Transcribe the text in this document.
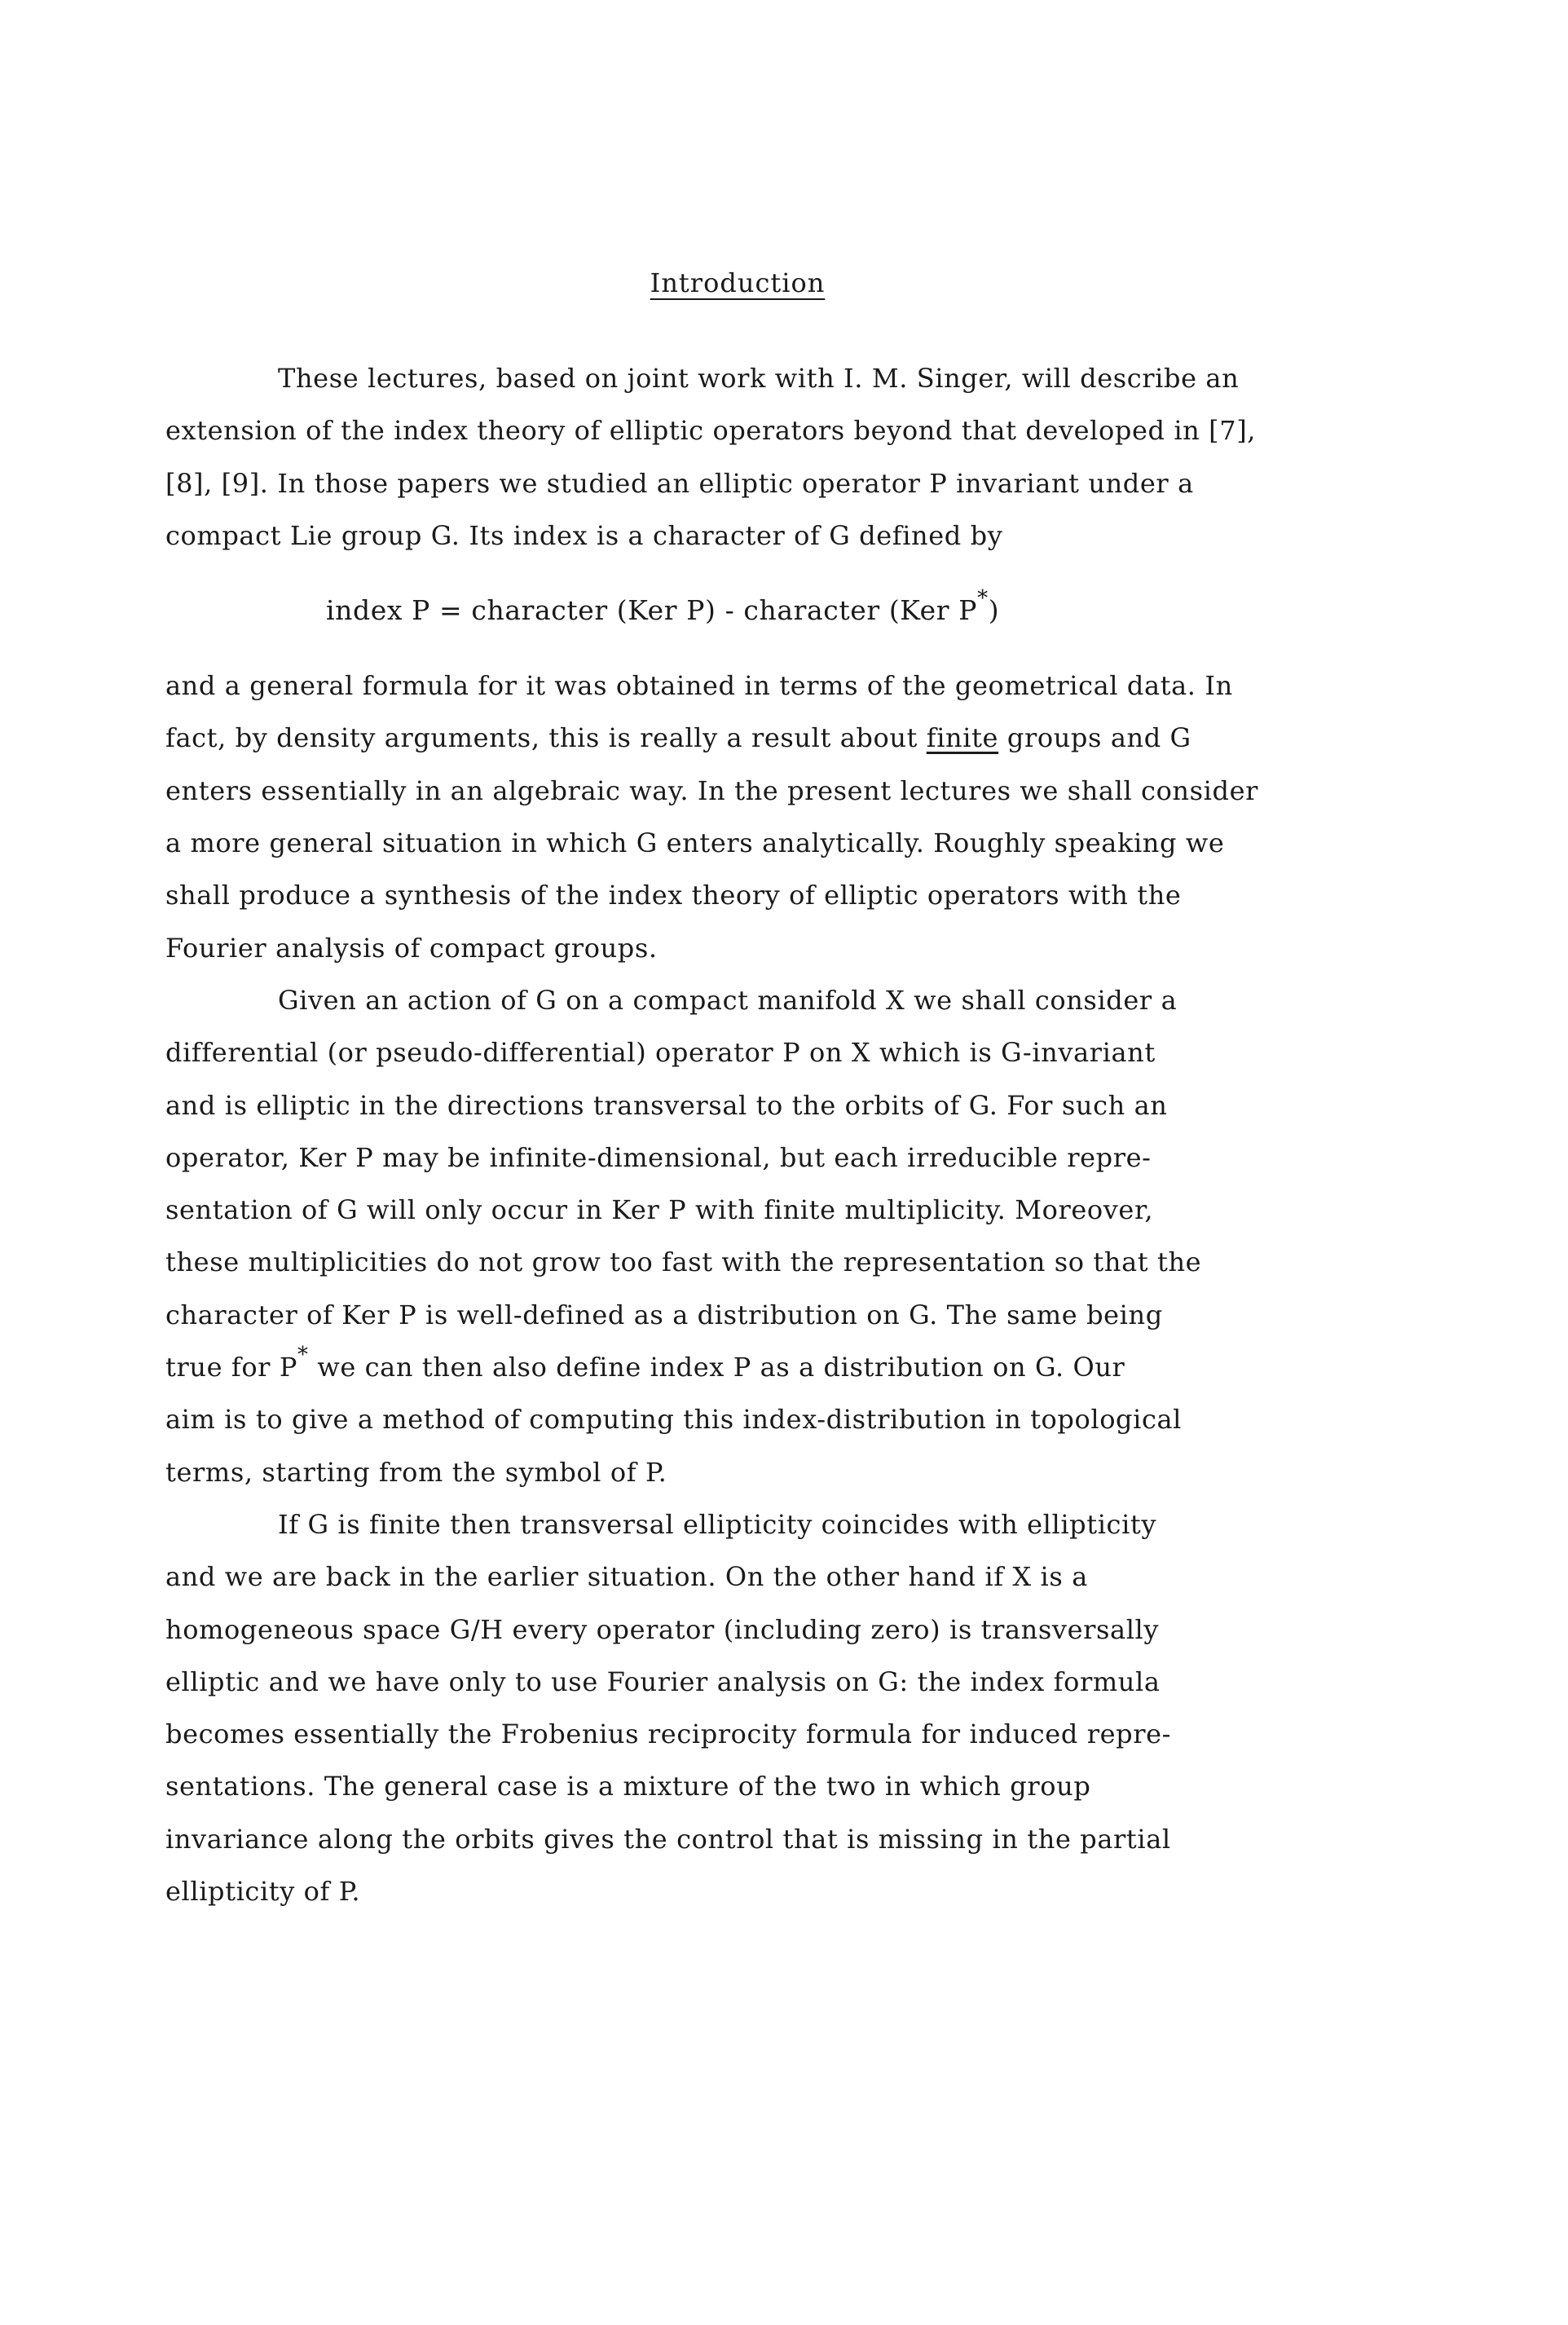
Introduction
These lectures, based on joint work with I. M. Singer, will describe an
extension of the index theory of elliptic operators beyond that developed in [7],
[8], [9]. In those papers we studied an elliptic operator P invariant under a
compact Lie group G. Its index is a character of G defined by
index P = character (Ker P) - character (Ker P*)
and a general formula for it was obtained in terms of the geometrical data. In
fact, by density arguments, this is really a result about finite groups and G
enters essentially in an algebraic way. In the present lectures we shall consider
a more general situation in which G enters analytically. Roughly speaking we
shall produce a synthesis of the index theory of elliptic operators with the
Fourier analysis of compact groups.
Given an action of G on a compact manifold X we shall consider a
differential (or pseudo-differential) operator P on X which is G-invariant
and is elliptic in the directions transversal to the orbits of G. For such an
operator, Ker P may be infinite-dimensional, but each irreducible repre-
sentation of G will only occur in Ker P with finite multiplicity. Moreover,
these multiplicities do not grow too fast with the representation so that the
character of Ker P is well-defined as a distribution on G. The same being
true for P* we can then also define index P as a distribution on G. Our
aim is to give a method of computing this index-distribution in topological
terms, starting from the symbol of P.
If G is finite then transversal ellipticity coincides with ellipticity
and we are back in the earlier situation. On the other hand if X is a
homogeneous space G/H every operator (including zero) is transversally
elliptic and we have only to use Fourier analysis on G: the index formula
becomes essentially the Frobenius reciprocity formula for induced repre-
sentations. The general case is a mixture of the two in which group
invariance along the orbits gives the control that is missing in the partial
ellipticity of P.
